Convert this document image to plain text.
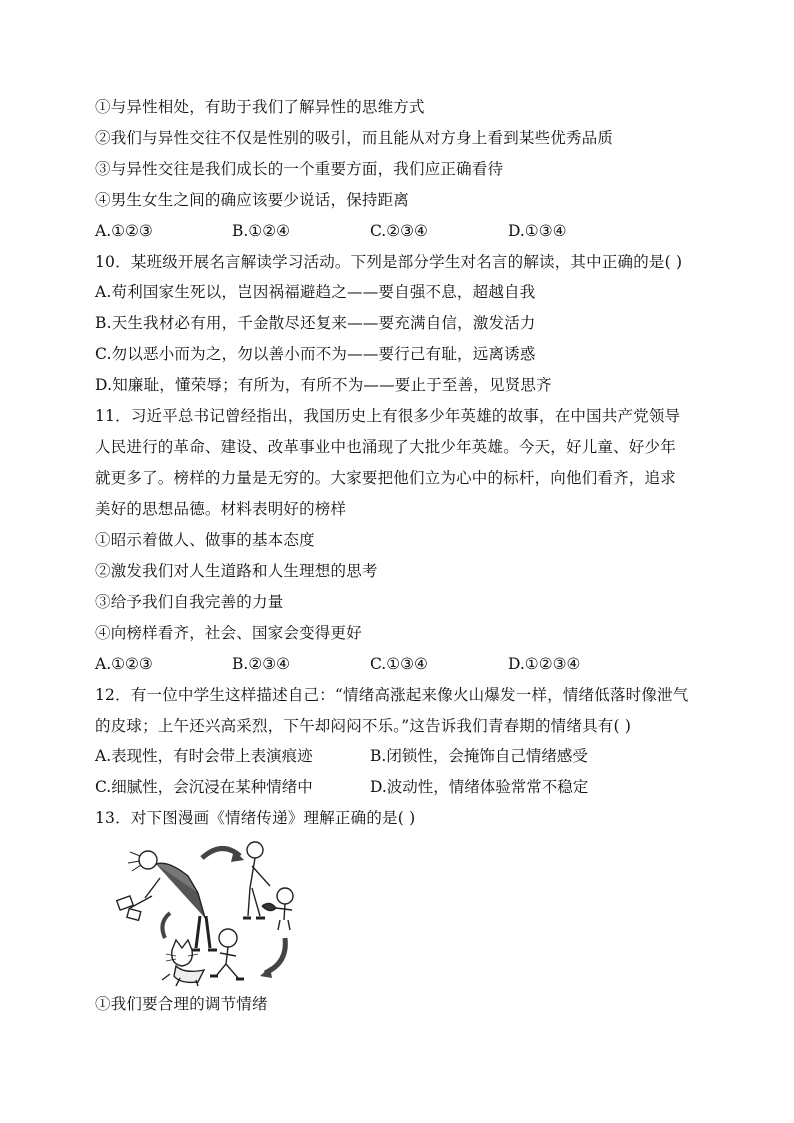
①与异性相处，有助于我们了解异性的思维方式
②我们与异性交往不仅是性别的吸引，而且能从对方身上看到某些优秀品质
③与异性交往是我们成长的一个重要方面，我们应正确看待
④男生女生之间的确应该要少说话，保持距离
A.①②③	B.①②④	C.②③④	D.①③④
10．某班级开展名言解读学习活动。下列是部分学生对名言的解读，其中正确的是( )
A.苟利国家生死以，岂因祸福避趋之——要自强不息，超越自我
B.天生我材必有用，千金散尽还复来——要充满自信，激发活力
C.勿以恶小而为之，勿以善小而不为——要行己有耻，远离诱惑
D.知廉耻，懂荣辱；有所为，有所不为——要止于至善，见贤思齐
11．习近平总书记曾经指出，我国历史上有很多少年英雄的故事，在中国共产党领导
人民进行的革命、建设、改革事业中也涌现了大批少年英雄。今天，好儿童、好少年
就更多了。榜样的力量是无穷的。大家要把他们立为心中的标杆，向他们看齐，追求
美好的思想品德。材料表明好的榜样
①昭示着做人、做事的基本态度
②激发我们对人生道路和人生理想的思考
③给予我们自我完善的力量
④向榜样看齐，社会、国家会变得更好
A.①②③	B.②③④	C.①③④	D.①②③④
12．有一位中学生这样描述自己：“情绪高涨起来像火山爆发一样，情绪低落时像泄气
的皮球；上午还兴高采烈，下午却闷闷不乐。”这告诉我们青春期的情绪具有( )
A.表现性，有时会带上表演痕迹	B.闭锁性，会掩饰自己情绪感受
C.细腻性，会沉浸在某种情绪中	D.波动性，情绪体验常常不稳定
13．对下图漫画《情绪传递》理解正确的是( )
①我们要合理的调节情绪
